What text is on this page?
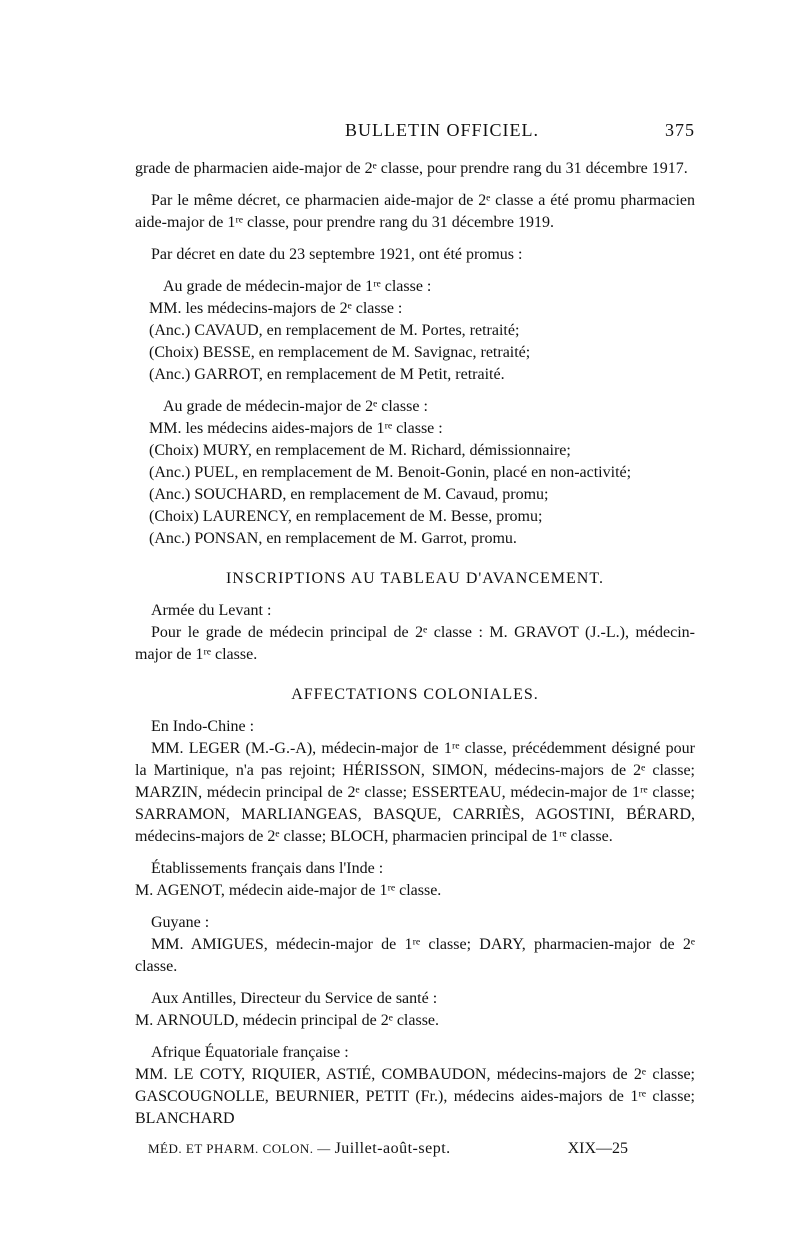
BULLETIN OFFICIEL.	375

grade de pharmacien aide-major de 2ᵉ classe, pour prendre rang du 31 décembre 1917.

Par le même décret, ce pharmacien aide-major de 2ᵉ classe a été promu pharmacien aide-major de 1ʳᵉ classe, pour prendre rang du 31 décembre 1919.

Par décret en date du 23 septembre 1921, ont été promus :

Au grade de médecin-major de 1ʳᵉ classe :

MM. les médecins-majors de 2ᵉ classe :

(Anc.) CAVAUD, en remplacement de M. Portes, retraité;

(Choix) BESSE, en remplacement de M. Savignac, retraité;

(Anc.) GARROT, en remplacement de M Petit, retraité.

Au grade de médecin-major de 2ᵉ classe :

MM. les médecins aides-majors de 1ʳᵉ classe :

(Choix) MURY, en remplacement de M. Richard, démissionnaire;

(Anc.) PUEL, en remplacement de M. Benoit-Gonin, placé en non-activité;

(Anc.) SOUCHARD, en remplacement de M. Cavaud, promu;

(Choix) LAURENCY, en remplacement de M. Besse, promu;

(Anc.) PONSAN, en remplacement de M. Garrot, promu.

INSCRIPTIONS AU TABLEAU D'AVANCEMENT.

Armée du Levant :

Pour le grade de médecin principal de 2ᵉ classe : M. GRAVOT (J.-L.), médecin-major de 1ʳᵉ classe.

AFFECTATIONS COLONIALES.

En Indo-Chine :

MM. LEGER (M.-G.-A), médecin-major de 1ʳᵉ classe, précédemment désigné pour la Martinique, n'a pas rejoint; HÉRISSON, SIMON, médecins-majors de 2ᵉ classe; MARZIN, médecin principal de 2ᵉ classe; ESSERTEAU, médecin-major de 1ʳᵉ classe; SARRAMON, MARLIANGEAS, BASQUE, CARRIÈS, AGOSTINI, BÉRARD, médecins-majors de 2ᵉ classe; BLOCH, pharmacien principal de 1ʳᵉ classe.

Établissements français dans l'Inde :

M. AGENOT, médecin aide-major de 1ʳᵉ classe.

Guyane :

MM. AMIGUES, médecin-major de 1ʳᵉ classe; DARY, pharmacien-major de 2ᵉ classe.

Aux Antilles, Directeur du Service de santé :

M. ARNOULD, médecin principal de 2ᵉ classe.

Afrique Équatoriale française :

MM. LE COTY, RIQUIER, ASTIÉ, COMBAUDON, médecins-majors de 2ᵉ classe; GASCOUGNOLLE, BEURNIER, PETIT (Fr.), médecins aides-majors de 1ʳᵉ classe; BLANCHARD

MÉD. ET PHARM. COLON. — Juillet-août-sept.	XIX—25
